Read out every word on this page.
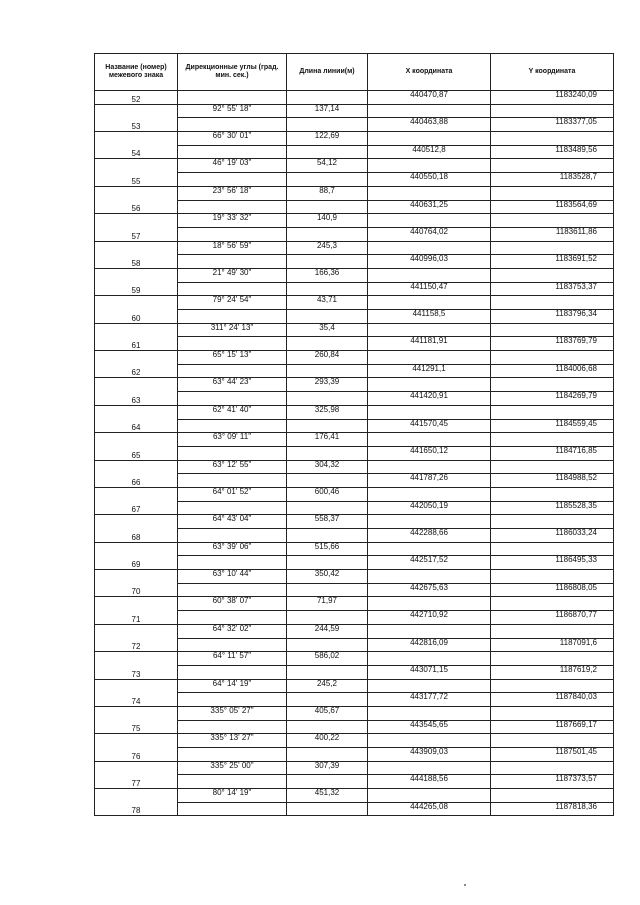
Название (номер) межевого знака	Дирекционные углы (град. мин. сек.)	Длина линии(м)	X координата	Y координата
52			440470,87	1183240,09
	92° 55' 18"	137,14		
53			440463,88	1183377,05
	66° 30' 01"	122,69		
54			440512,8	1183489,56
	46° 19' 03"	54,12		
55			440550,18	1183528,7
	23° 56' 18"	88,7		
56			440631,25	1183564,69
	19° 33' 32"	140,9		
57			440764,02	1183611,86
	18° 56' 59"	245,3		
58			440996,03	1183691,52
	21° 49' 30"	166,36		
59			441150,47	1183753,37
	79° 24' 54"	43,71		
60			441158,5	1183796,34
	311° 24' 13"	35,4		
61			441181,91	1183769,79
	65° 15' 13"	260,84		
62			441291,1	1184006,68
	63° 44' 23"	293,39		
63			441420,91	1184269,79
	62° 41' 40"	325,98		
64			441570,45	1184559,45
	63° 09' 11"	176,41		
65			441650,12	1184716,85
	63° 12' 55"	304,32		
66			441787,26	1184988,52
	64° 01' 52"	600,46		
67			442050,19	1185528,35
	64° 43' 04"	558,37		
68			442288,66	1186033,24
	63° 39' 06"	515,66		
69			442517,52	1186495,33
	63° 10' 44"	350,42		
70			442675,63	1186808,05
	60° 38' 07"	71,97		
71			442710,92	1186870,77
	64° 32' 02"	244,59		
72			442816,09	1187091,6
	64° 11' 57"	586,02		
73			443071,15	1187619,2
	64° 14' 19"	245,2		
74			443177,72	1187840,03
	335° 05' 27"	405,67		
75			443545,65	1187669,17
	335° 13' 27"	400,22		
76			443909,03	1187501,45
	335° 25' 00"	307,39		
77			444188,56	1187373,57
	80° 14' 19"	451,32		
78			444265,08	1187818,36
